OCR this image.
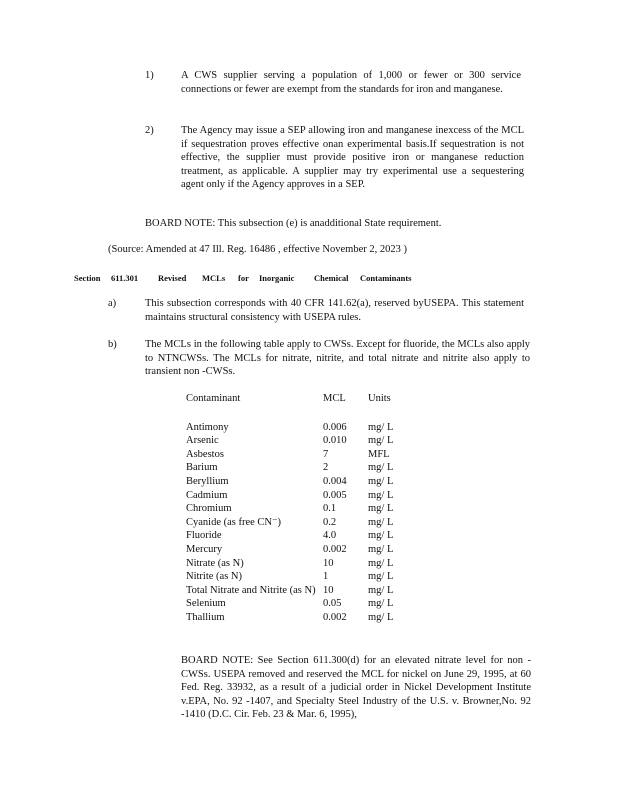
1)	A CWS supplier serving a population of 1,000 or fewer or 300 service connections or fewer are exempt from the standards for iron and manganese.
2)	The Agency may issue a SEP allowing iron and manganese inexcess of the MCL if sequestration proves effective onan experimental basis.If sequestration is not effective, the supplier must provide positive iron or manganese reduction treatment, as applicable. A supplier may try experimental use a sequestering agent only if the Agency approves in a SEP.
BOARD NOTE: This subsection (e) is anadditional State requirement.
(Source: Amended at 47 Ill. Reg. 16486 , effective November 2, 2023 )
Section 611.301 Revised MCLs for Inorganic Chemical Contaminants
a)	This subsection corresponds with 40 CFR 141.62(a), reserved byUSEPA. This statement maintains structural consistency with USEPA rules.
b)	The MCLs in the following table apply to CWSs. Except for fluoride, the MCLs also apply to NTNCWSs. The MCLs for nitrate, nitrite, and total nitrate and nitrite also apply to transient non -CWSs.
Contaminant	MCL	Units
Antimony	0.006	mg/ L
Arsenic	0.010	mg/ L
Asbestos	7	MFL
Barium	2	mg/ L
Beryllium	0.004	mg/ L
Cadmium	0.005	mg/ L
Chromium	0.1	mg/ L
Cyanide (as free CN⁻)	0.2	mg/ L
Fluoride	4.0	mg/ L
Mercury	0.002	mg/ L
Nitrate (as N)	10	mg/ L
Nitrite (as N)	1	mg/ L
Total Nitrate and Nitrite (as N)	10	mg/ L
Selenium	0.05	mg/ L
Thallium	0.002	mg/ L
BOARD NOTE: See Section 611.300(d) for an elevated nitrate level for non -CWSs. USEPA removed and reserved the MCL for nickel on June 29, 1995, at 60 Fed. Reg. 33932, as a result of a judicial order in Nickel Development Institute v.EPA, No. 92 -1407, and Specialty Steel Industry of the U.S. v. Browner,No. 92 -1410 (D.C. Cir. Feb. 23 & Mar. 6, 1995),
